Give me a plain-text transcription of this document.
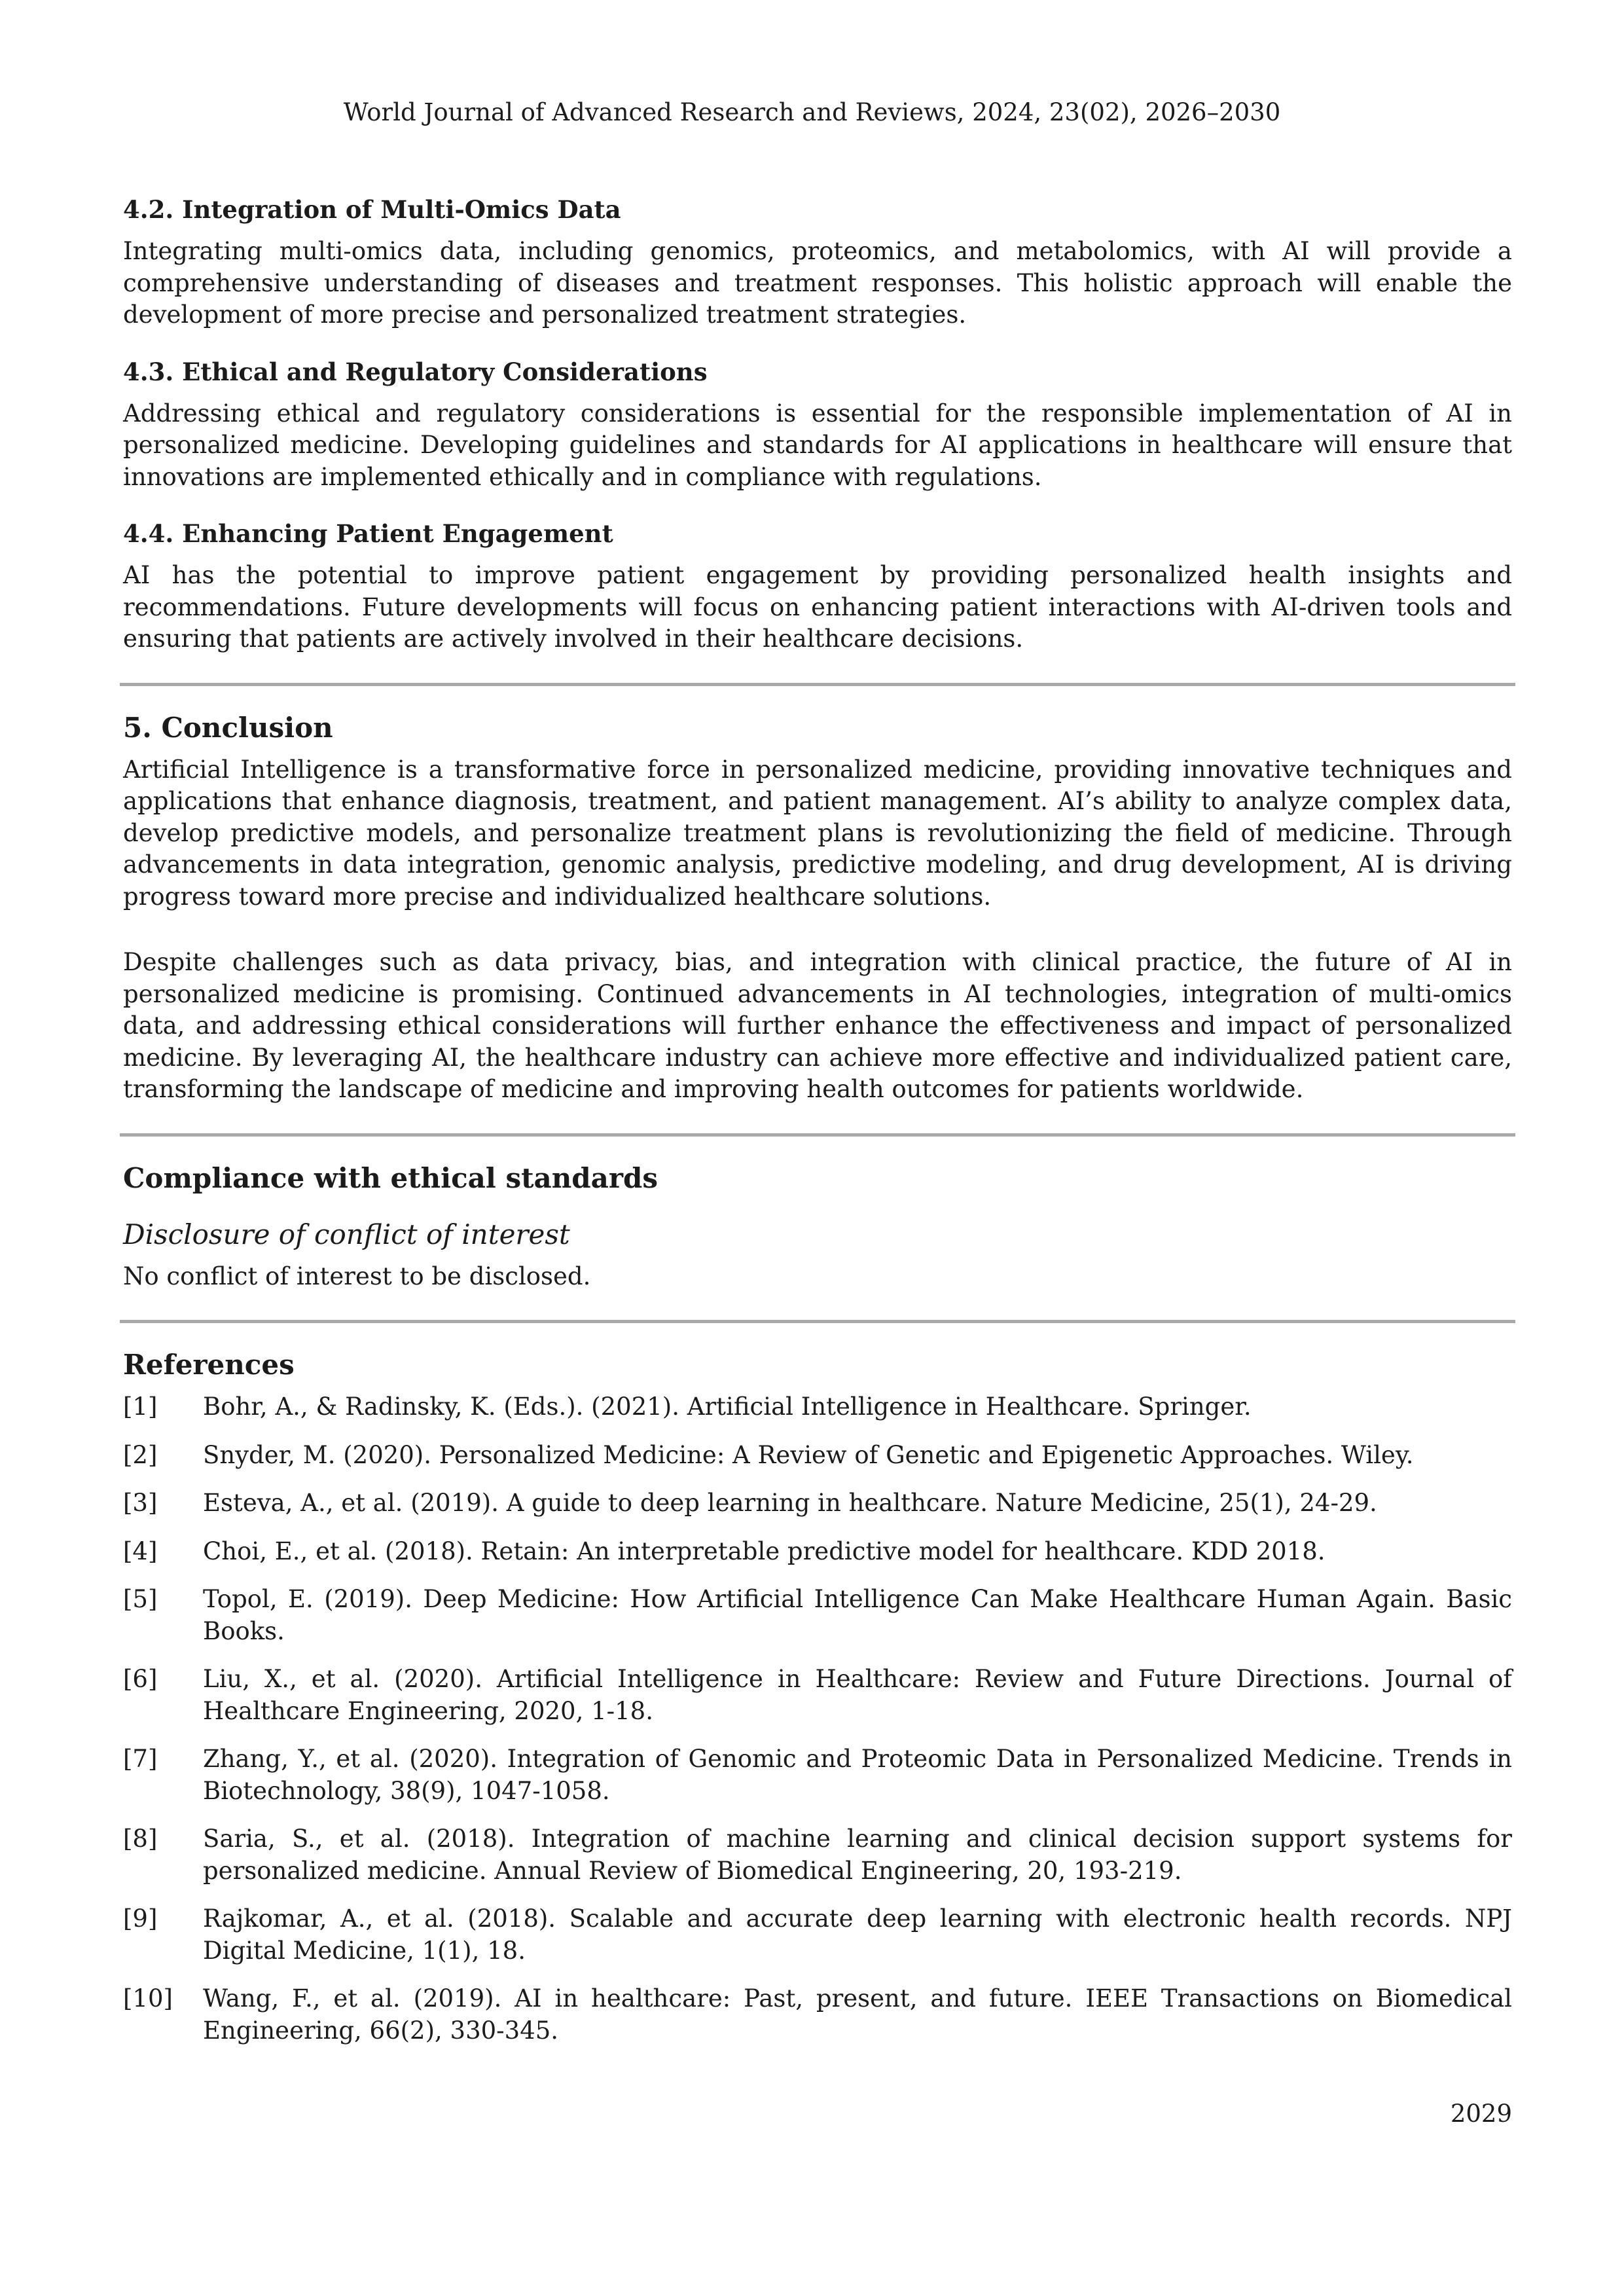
World Journal of Advanced Research and Reviews, 2024, 23(02), 2026–2030
4.2. Integration of Multi-Omics Data

Integrating multi-omics data, including genomics, proteomics, and metabolomics, with AI will provide a comprehensive understanding of diseases and treatment responses. This holistic approach will enable the development of more precise and personalized treatment strategies.

4.3. Ethical and Regulatory Considerations

Addressing ethical and regulatory considerations is essential for the responsible implementation of AI in personalized medicine. Developing guidelines and standards for AI applications in healthcare will ensure that innovations are implemented ethically and in compliance with regulations.

4.4. Enhancing Patient Engagement

AI has the potential to improve patient engagement by providing personalized health insights and recommendations. Future developments will focus on enhancing patient interactions with AI-driven tools and ensuring that patients are actively involved in their healthcare decisions.

5. Conclusion

Artificial Intelligence is a transformative force in personalized medicine, providing innovative techniques and applications that enhance diagnosis, treatment, and patient management. AI’s ability to analyze complex data, develop predictive models, and personalize treatment plans is revolutionizing the field of medicine. Through advancements in data integration, genomic analysis, predictive modeling, and drug development, AI is driving progress toward more precise and individualized healthcare solutions.

Despite challenges such as data privacy, bias, and integration with clinical practice, the future of AI in personalized medicine is promising. Continued advancements in AI technologies, integration of multi-omics data, and addressing ethical considerations will further enhance the effectiveness and impact of personalized medicine. By leveraging AI, the healthcare industry can achieve more effective and individualized patient care, transforming the landscape of medicine and improving health outcomes for patients worldwide.

Compliance with ethical standards
Disclosure of conflict of interest

No conflict of interest to be disclosed.

References
[1]	Bohr, A., & Radinsky, K. (Eds.). (2021). Artificial Intelligence in Healthcare. Springer.
[2]	Snyder, M. (2020). Personalized Medicine: A Review of Genetic and Epigenetic Approaches. Wiley.
[3]	Esteva, A., et al. (2019). A guide to deep learning in healthcare. Nature Medicine, 25(1), 24-29.
[4]	Choi, E., et al. (2018). Retain: An interpretable predictive model for healthcare. KDD 2018.
[5]	Topol, E. (2019). Deep Medicine: How Artificial Intelligence Can Make Healthcare Human Again. Basic Books.
[6]	Liu, X., et al. (2020). Artificial Intelligence in Healthcare: Review and Future Directions. Journal of Healthcare Engineering, 2020, 1-18.
[7]	Zhang, Y., et al. (2020). Integration of Genomic and Proteomic Data in Personalized Medicine. Trends in Biotechnology, 38(9), 1047-1058.
[8]	Saria, S., et al. (2018). Integration of machine learning and clinical decision support systems for personalized medicine. Annual Review of Biomedical Engineering, 20, 193-219.
[9]	Rajkomar, A., et al. (2018). Scalable and accurate deep learning with electronic health records. NPJ Digital Medicine, 1(1), 18.
[10]	Wang, F., et al. (2019). AI in healthcare: Past, present, and future. IEEE Transactions on Biomedical Engineering, 66(2), 330-345.
2029
